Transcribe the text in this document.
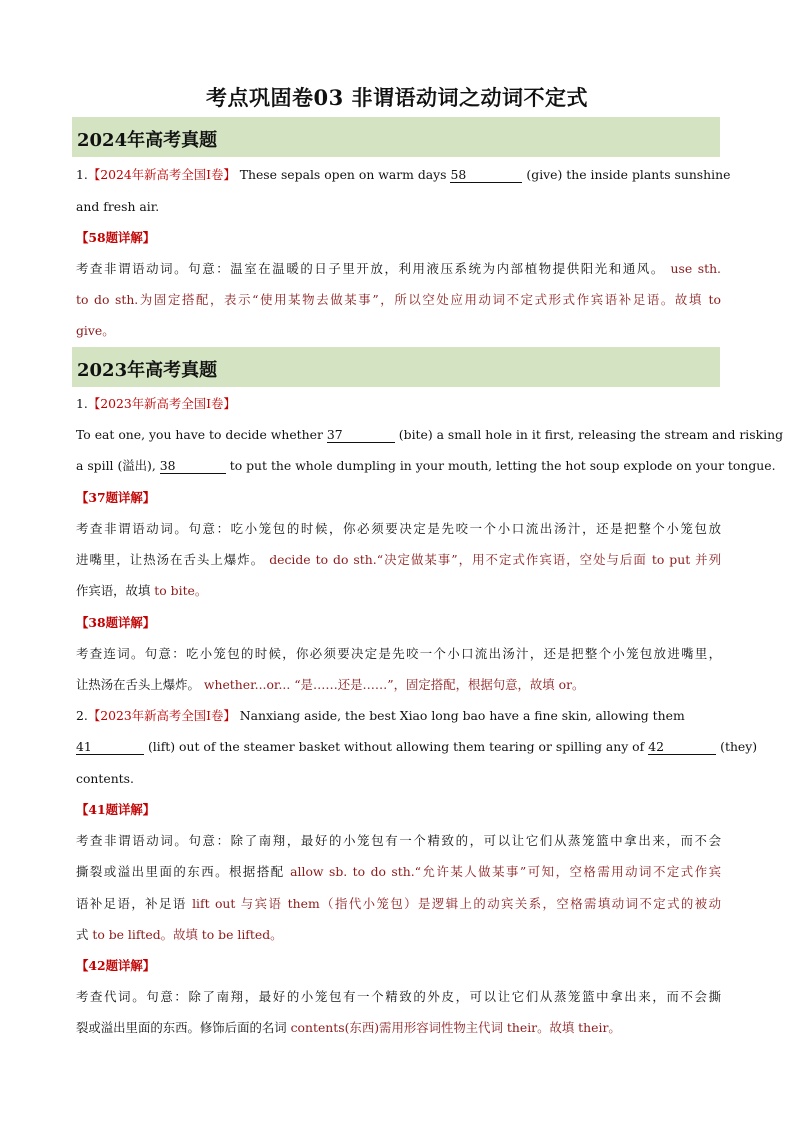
考点巩固卷03 非谓语动词之动词不定式
2024年高考真题
1.【2024年新高考全国Ⅰ卷】 These sepals open on warm days 58	(give) the inside plants sunshine
and fresh air.
【58题详解】
考查非谓语动词。句意：温室在温暖的日子里开放，利用液压系统为内部植物提供阳光和通风。 use sth.
to do sth.为固定搭配，表示“使用某物去做某事”，所以空处应用动词不定式形式作宾语补足语。故填 to
give。
2023年高考真题
1.【2023年新高考全国Ⅰ卷】
To eat one, you have to decide whether 37	(bite) a small hole in it first, releasing the stream and risking
a spill (溢出), 38	to put the whole dumpling in your mouth, letting the hot soup explode on your tongue.
【37题详解】
考查非谓语动词。句意：吃小笼包的时候，你必须要决定是先咬一个小口流出汤汁，还是把整个小笼包放
进嘴里，让热汤在舌头上爆炸。 decide to do sth.“决定做某事”，用不定式作宾语，空处与后面 to put 并列
作宾语，故填 to bite。
【38题详解】
考查连词。句意：吃小笼包的时候，你必须要决定是先咬一个小口流出汤汁，还是把整个小笼包放进嘴里，
让热汤在舌头上爆炸。 whether...or... “是……还是……”，固定搭配，根据句意，故填 or。
2.【2023年新高考全国Ⅰ卷】 Nanxiang aside, the best Xiao long bao have a fine skin, allowing them
41	(lift) out of the steamer basket without allowing them tearing or spilling any of 42	(they)
contents.
【41题详解】
考查非谓语动词。句意：除了南翔，最好的小笼包有一个精致的，可以让它们从蒸笼篮中拿出来，而不会
撕裂或溢出里面的东西。根据搭配 allow sb. to do sth.“允许某人做某事”可知，空格需用动词不定式作宾
语补足语，补足语 lift out 与宾语 them（指代小笼包）是逻辑上的动宾关系，空格需填动词不定式的被动
式 to be lifted。故填 to be lifted。
【42题详解】
考查代词。句意：除了南翔，最好的小笼包有一个精致的外皮，可以让它们从蒸笼篮中拿出来，而不会撕
裂或溢出里面的东西。修饰后面的名词 contents(东西)需用形容词性物主代词 their。故填 their。
